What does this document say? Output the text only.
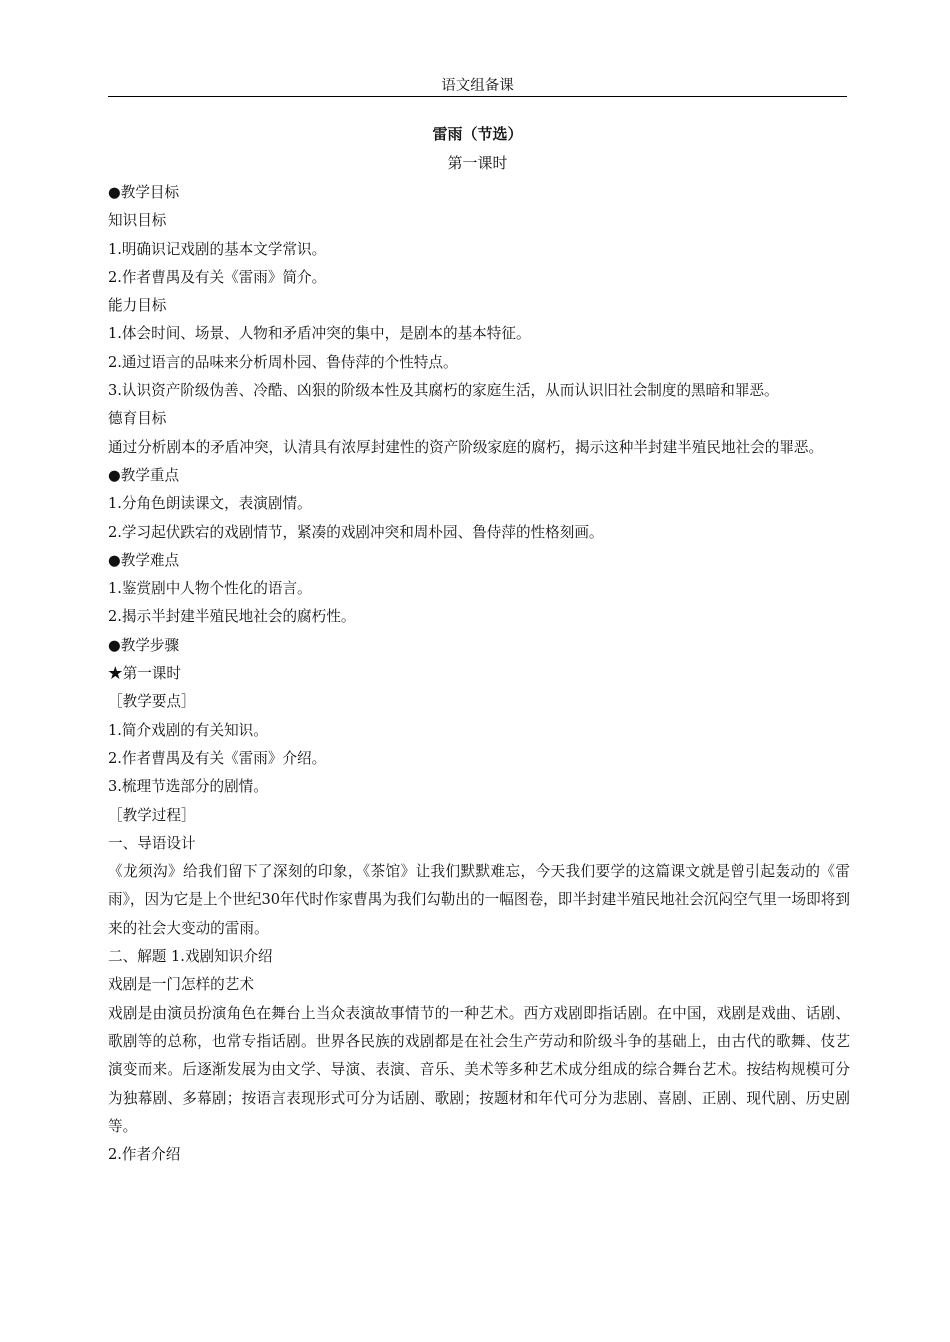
语文组备课
雷雨（节选）
第一课时

●教学目标

知识目标

1.明确识记戏剧的基本文学常识。

2.作者曹禺及有关《雷雨》简介。

能力目标

1.体会时间、场景、人物和矛盾冲突的集中，是剧本的基本特征。

2.通过语言的品味来分析周朴园、鲁侍萍的个性特点。

3.认识资产阶级伪善、冷酷、凶狠的阶级本性及其腐朽的家庭生活，从而认识旧社会制度的黑暗和罪恶。

德育目标

通过分析剧本的矛盾冲突，认清具有浓厚封建性的资产阶级家庭的腐朽，揭示这种半封建半殖民地社会的罪恶。

●教学重点

1.分角色朗读课文，表演剧情。

2.学习起伏跌宕的戏剧情节，紧凑的戏剧冲突和周朴园、鲁侍萍的性格刻画。

●教学难点

1.鉴赏剧中人物个性化的语言。

2.揭示半封建半殖民地社会的腐朽性。

●教学步骤

★第一课时

［教学要点］

1.简介戏剧的有关知识。

2.作者曹禺及有关《雷雨》介绍。

3.梳理节选部分的剧情。

［教学过程］

一、导语设计

《龙须沟》给我们留下了深刻的印象，《茶馆》让我们默默难忘，今天我们要学的这篇课文就是曾引起轰动的《雷雨》，因为它是上个世纪30年代时作家曹禺为我们勾勒出的一幅图卷，即半封建半殖民地社会沉闷空气里一场即将到来的社会大变动的雷雨。

二、解题 1.戏剧知识介绍

戏剧是一门怎样的艺术

戏剧是由演员扮演角色在舞台上当众表演故事情节的一种艺术。西方戏剧即指话剧。在中国，戏剧是戏曲、话剧、歌剧等的总称，也常专指话剧。世界各民族的戏剧都是在社会生产劳动和阶级斗争的基础上，由古代的歌舞、伎艺演变而来。后逐渐发展为由文学、导演、表演、音乐、美术等多种艺术成分组成的综合舞台艺术。按结构规模可分为独幕剧、多幕剧；按语言表现形式可分为话剧、歌剧；按题材和年代可分为悲剧、喜剧、正剧、现代剧、历史剧等。

2.作者介绍
